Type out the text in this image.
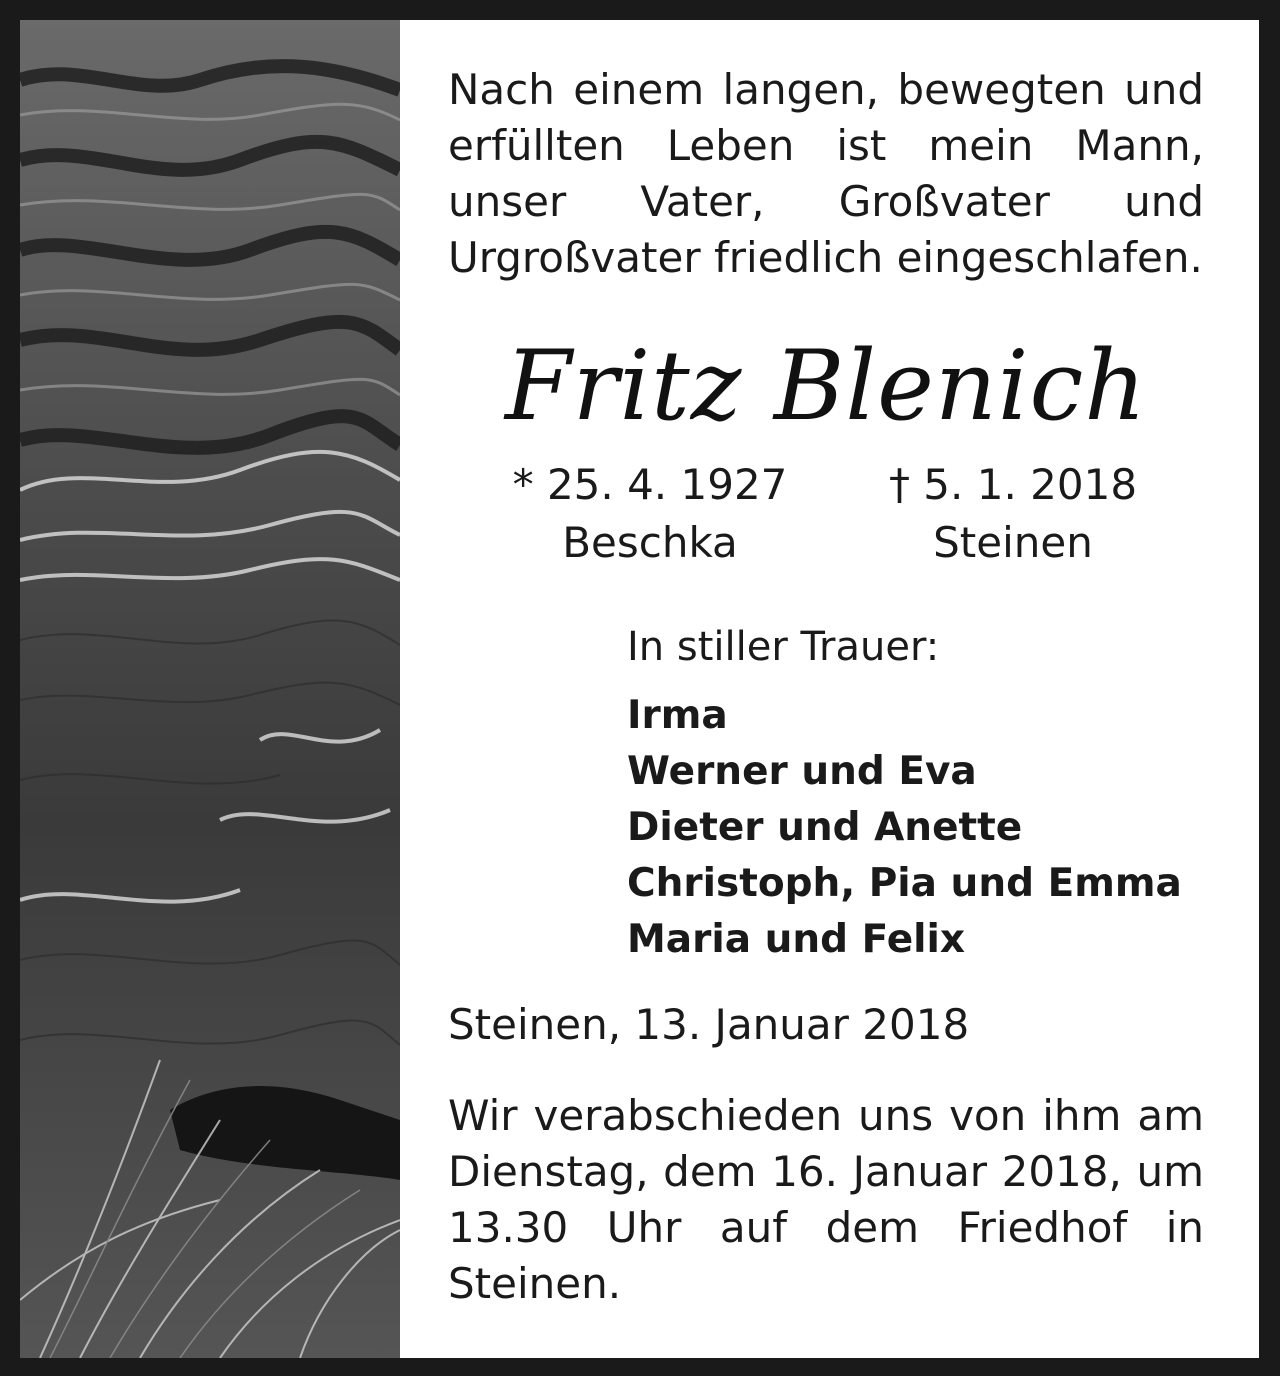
Nach einem langen, bewegten und erfüllten Leben ist mein Mann, unser Vater, Großvater und Urgroßvater friedlich eingeschlafen.

Fritz Blenich
* 25. 4. 1927
Beschka
† 5. 1. 2018
Steinen
In stiller Trauer:
Irma
Werner und Eva
Dieter und Anette
Christoph, Pia und Emma
Maria und Felix
Steinen, 13. Januar 2018

Wir verabschieden uns von ihm am Dienstag, dem 16. Januar 2018, um 13.30 Uhr auf dem Friedhof in Steinen.
